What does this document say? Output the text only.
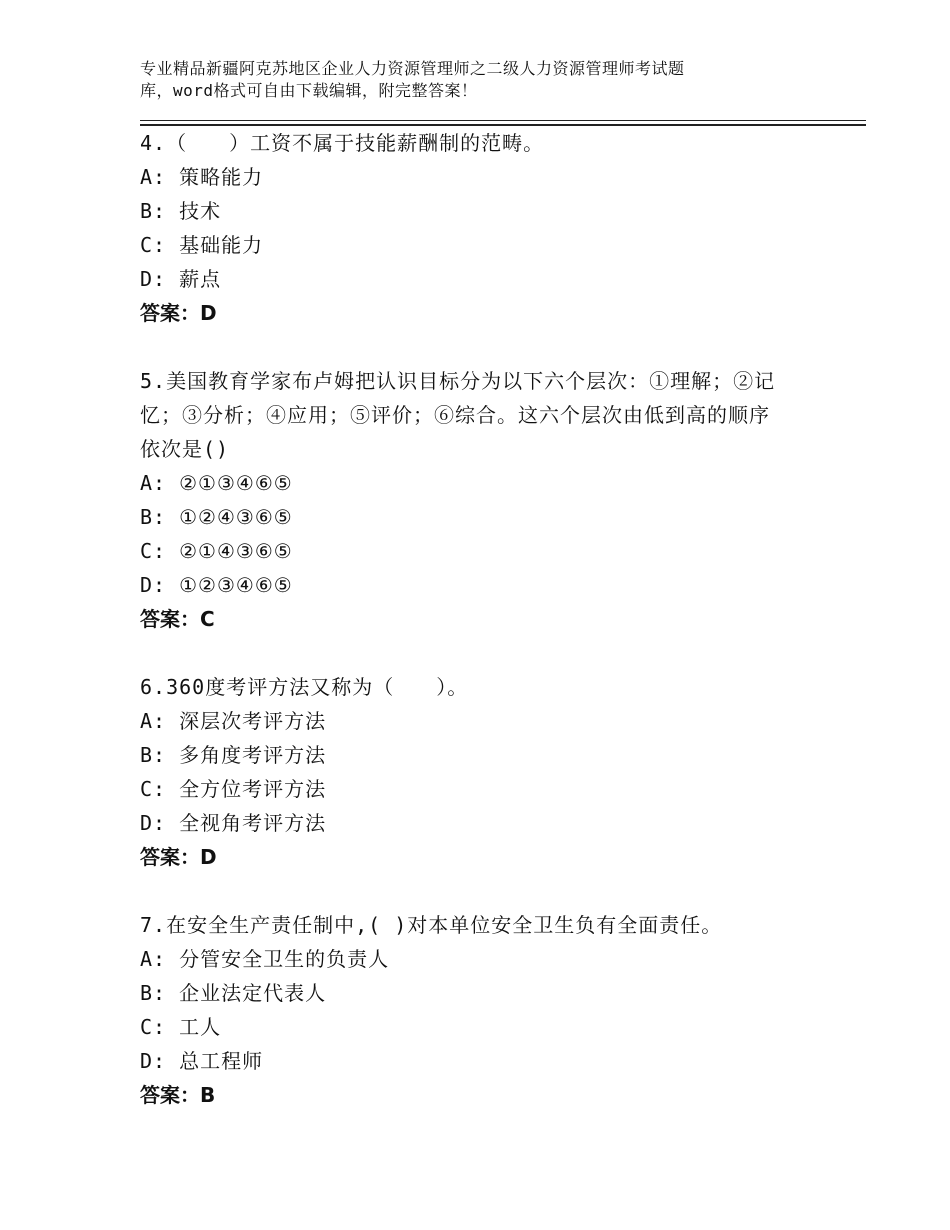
专业精品新疆阿克苏地区企业人力资源管理师之二级人力资源管理师考试题
库，word格式可自由下载编辑，附完整答案！
4.（　　）工资不属于技能薪酬制的范畴。
A: 策略能力
B: 技术
C: 基础能力
D: 薪点
答案：D
5.美国教育学家布卢姆把认识目标分为以下六个层次：①理解；②记
忆；③分析；④应用；⑤评价；⑥综合。这六个层次由低到高的顺序
依次是()
A: ②①③④⑥⑤
B: ①②④③⑥⑤
C: ②①④③⑥⑤
D: ①②③④⑥⑤
答案：C
6.360度考评方法又称为（　　）。
A: 深层次考评方法
B: 多角度考评方法
C: 全方位考评方法
D: 全视角考评方法
答案：D
7.在安全生产责任制中,( )对本单位安全卫生负有全面责任。
A: 分管安全卫生的负责人
B: 企业法定代表人
C: 工人
D: 总工程师
答案：B
